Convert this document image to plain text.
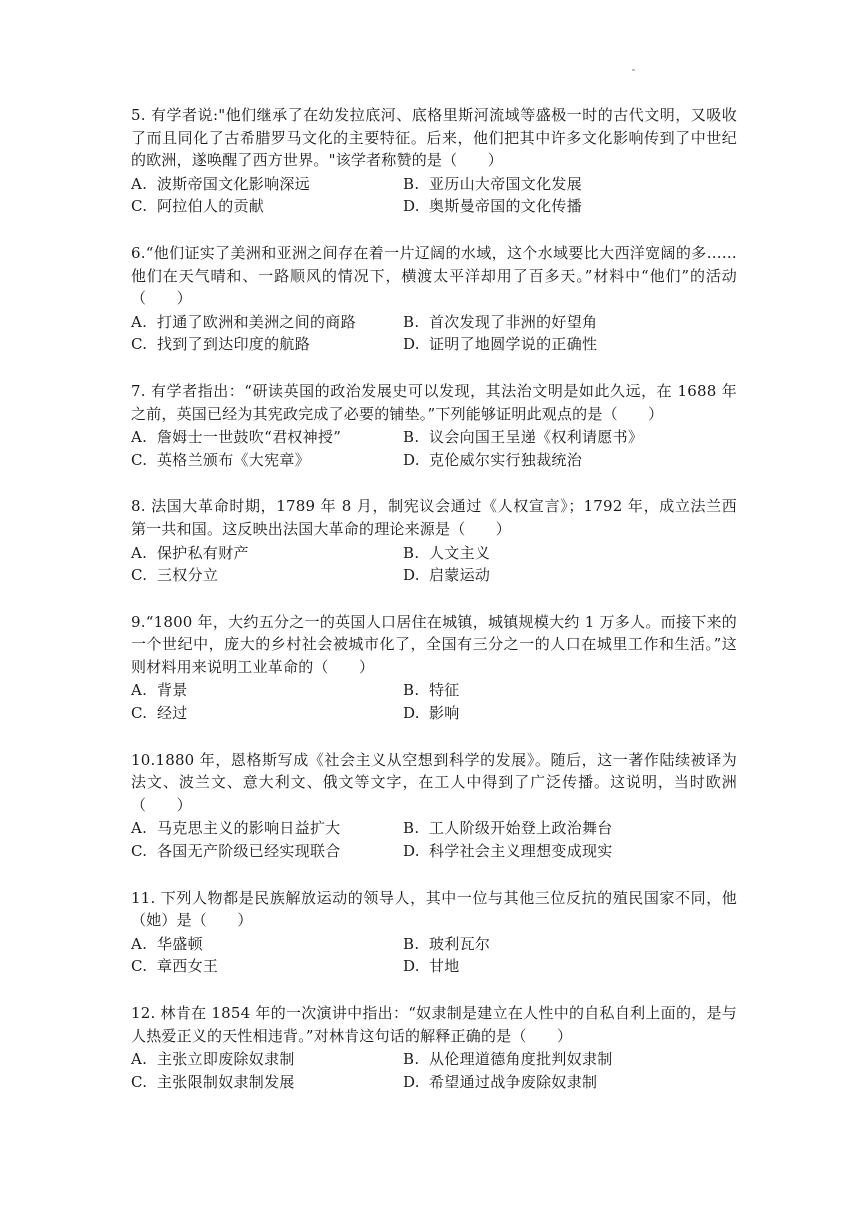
5. 有学者说:"他们继承了在幼发拉底河、底格里斯河流域等盛极一时的古代文明，又吸收了而且同化了古希腊罗马文化的主要特征。后来，他们把其中许多文化影响传到了中世纪的欧洲，遂唤醒了西方世界。"该学者称赞的是（　　）

A. 波斯帝国文化影响深远	B. 亚历山大帝国文化发展
C. 阿拉伯人的贡献	D. 奥斯曼帝国的文化传播

6.“他们证实了美洲和亚洲之间存在着一片辽阔的水域，这个水域要比大西洋宽阔的多……他们在天气晴和、一路顺风的情况下，横渡太平洋却用了百多天。”材料中“他们”的活动（　　）

A. 打通了欧洲和美洲之间的商路	B. 首次发现了非洲的好望角
C. 找到了到达印度的航路	D. 证明了地圆学说的正确性

7. 有学者指出：“研读英国的政治发展史可以发现，其法治文明是如此久远，在 1688 年之前，英国已经为其宪政完成了必要的铺垫。”下列能够证明此观点的是（　　）

A. 詹姆士一世鼓吹“君权神授”	B. 议会向国王呈递《权利请愿书》
C. 英格兰颁布《大宪章》	D. 克伦威尔实行独裁统治

8. 法国大革命时期，1789 年 8 月，制宪议会通过《人权宣言》；1792 年，成立法兰西第一共和国。这反映出法国大革命的理论来源是（　　）

A. 保护私有财产	B. 人文主义
C. 三权分立	D. 启蒙运动

9.“1800 年，大约五分之一的英国人口居住在城镇，城镇规模大约 1 万多人。而接下来的一个世纪中，庞大的乡村社会被城市化了，全国有三分之一的人口在城里工作和生活。”这则材料用来说明工业革命的（　　）

A. 背景	B. 特征
C. 经过	D. 影响

10.1880 年，恩格斯写成《社会主义从空想到科学的发展》。随后，这一著作陆续被译为法文、波兰文、意大利文、俄文等文字，在工人中得到了广泛传播。这说明，当时欧洲（　　）

A. 马克思主义的影响日益扩大	B. 工人阶级开始登上政治舞台
C. 各国无产阶级已经实现联合	D. 科学社会主义理想变成现实

11. 下列人物都是民族解放运动的领导人，其中一位与其他三位反抗的殖民国家不同，他（她）是（　　）

A. 华盛顿	B. 玻利瓦尔
C. 章西女王	D. 甘地

12. 林肯在 1854 年的一次演讲中指出：“奴隶制是建立在人性中的自私自利上面的，是与人热爱正义的天性相违背。”对林肯这句话的解释正确的是（　　）

A. 主张立即废除奴隶制	B. 从伦理道德角度批判奴隶制
C. 主张限制奴隶制发展	D. 希望通过战争废除奴隶制
